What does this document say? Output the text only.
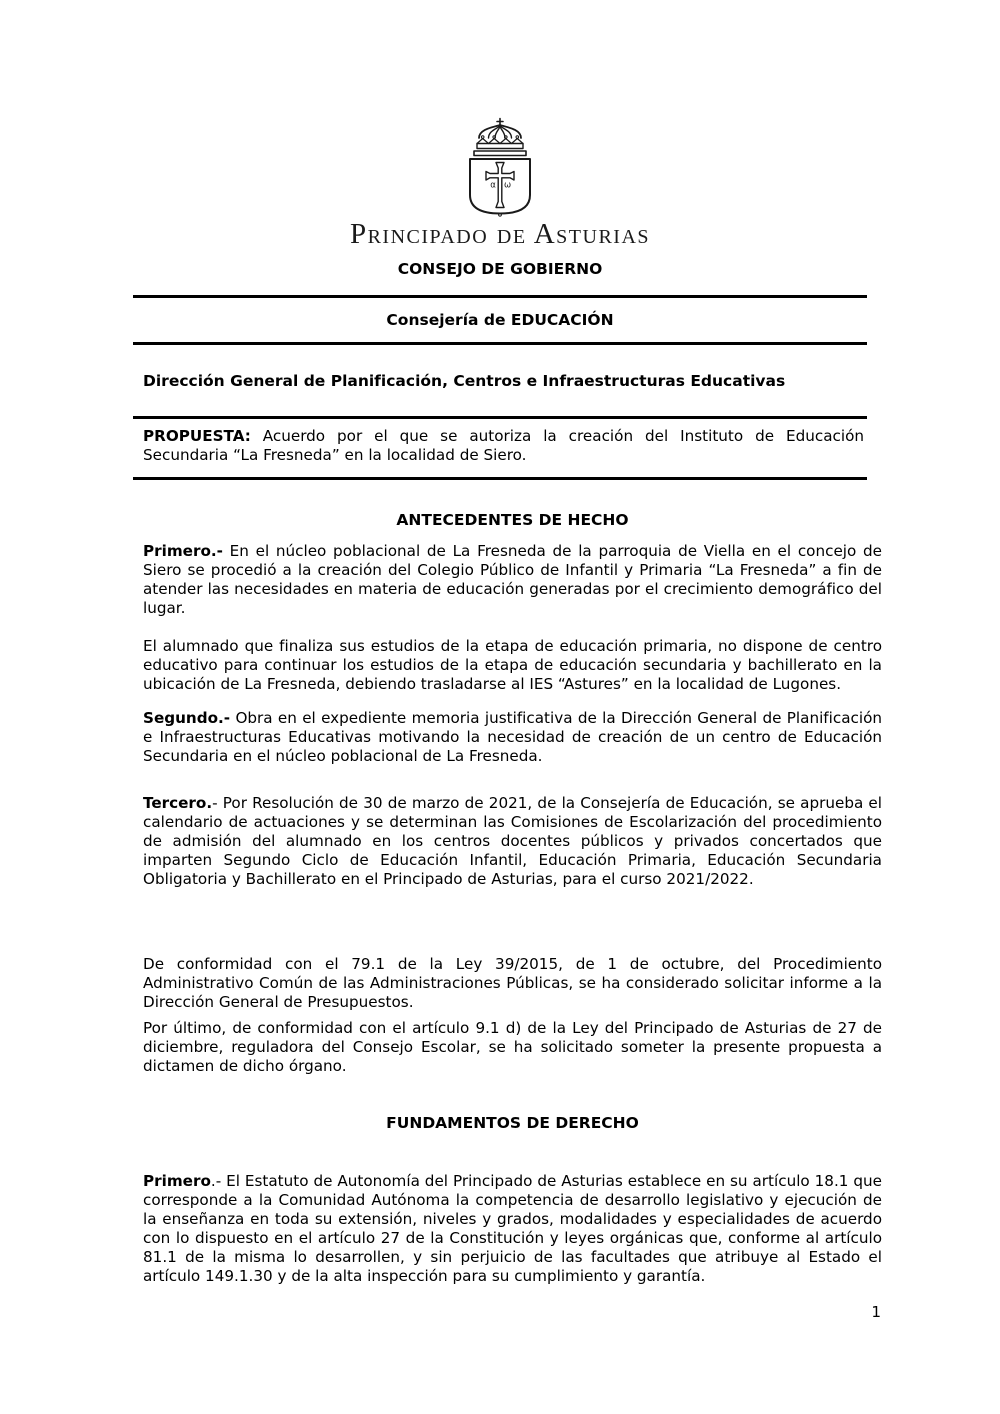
α ω
Principado de Asturias
CONSEJO DE GOBIERNO
Consejería de EDUCACIÓN
Dirección General de Planificación, Centros e Infraestructuras Educativas

PROPUESTA: Acuerdo por el que se autoriza la creación del Instituto de Educación Secundaria “La Fresneda” en la localidad de Siero.

ANTECEDENTES DE HECHO

Primero.- En el núcleo poblacional de La Fresneda de la parroquia de Viella en el concejo de Siero se procedió a la creación del Colegio Público de Infantil y Primaria “La Fresneda” a fin de atender las necesidades en materia de educación generadas por el crecimiento demográfico del lugar.

El alumnado que finaliza sus estudios de la etapa de educación primaria, no dispone de centro educativo para continuar los estudios de la etapa de educación secundaria y bachillerato en la ubicación de La Fresneda, debiendo trasladarse al IES “Astures” en la localidad de Lugones.

Segundo.- Obra en el expediente memoria justificativa de la Dirección General de Planificación e Infraestructuras Educativas motivando la necesidad de creación de un centro de Educación Secundaria en el núcleo poblacional de La Fresneda.

Tercero.- Por Resolución de 30 de marzo de 2021, de la Consejería de Educación, se aprueba el calendario de actuaciones y se determinan las Comisiones de Escolarización del procedimiento de admisión del alumnado en los centros docentes públicos y privados concertados que imparten Segundo Ciclo de Educación Infantil, Educación Primaria, Educación Secundaria Obligatoria y Bachillerato en el Principado de Asturias, para el curso 2021/2022.

De conformidad con el 79.1 de la Ley 39/2015, de 1 de octubre, del Procedimiento Administrativo Común de las Administraciones Públicas, se ha considerado solicitar informe a la Dirección General de Presupuestos.

Por último, de conformidad con el artículo 9.1 d) de la Ley del Principado de Asturias de 27 de diciembre, reguladora del Consejo Escolar, se ha solicitado someter la presente propuesta a dictamen de dicho órgano.

FUNDAMENTOS DE DERECHO

Primero.- El Estatuto de Autonomía del Principado de Asturias establece en su artículo 18.1 que corresponde a la Comunidad Autónoma la competencia de desarrollo legislativo y ejecución de la enseñanza en toda su extensión, niveles y grados, modalidades y especialidades de acuerdo con lo dispuesto en el artículo 27 de la Constitución y leyes orgánicas que, conforme al artículo 81.1 de la misma lo desarrollen, y sin perjuicio de las facultades que atribuye al Estado el artículo 149.1.30 y de la alta inspección para su cumplimiento y garantía.

1
